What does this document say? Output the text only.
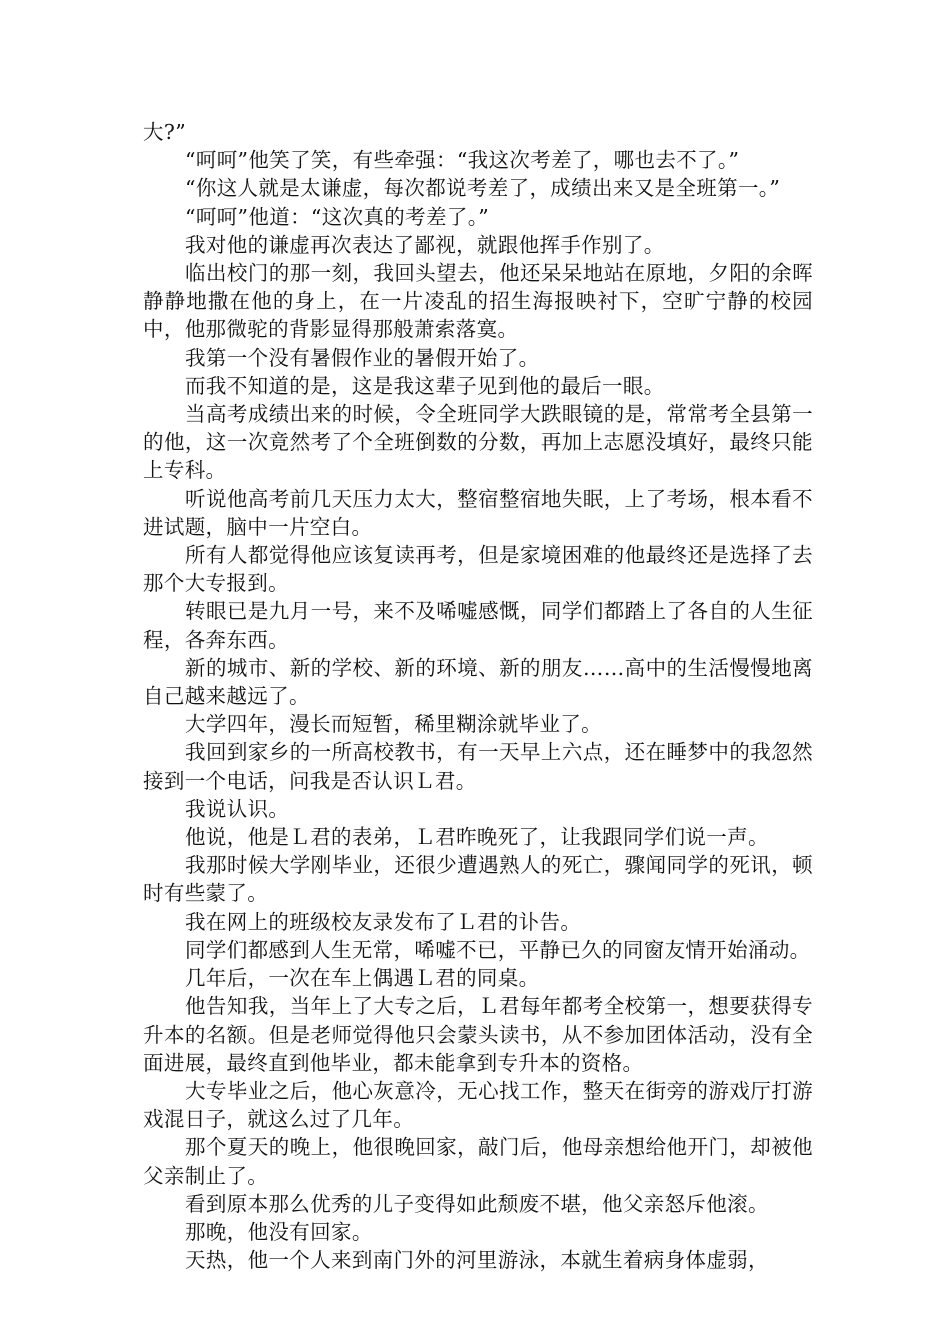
大?”

“呵呵”他笑了笑，有些牵强：“我这次考差了，哪也去不了。”

“你这人就是太谦虚，每次都说考差了，成绩出来又是全班第一。”

“呵呵”他道：“这次真的考差了。”

我对他的谦虚再次表达了鄙视，就跟他挥手作别了。

临出校门的那一刻，我回头望去，他还呆呆地站在原地，夕阳的余晖静静地撒在他的身上，在一片凌乱的招生海报映衬下，空旷宁静的校园中，他那微驼的背影显得那般萧索落寞。

我第一个没有暑假作业的暑假开始了。

而我不知道的是，这是我这辈子见到他的最后一眼。

当高考成绩出来的时候，令全班同学大跌眼镜的是，常常考全县第一的他，这一次竟然考了个全班倒数的分数，再加上志愿没填好，最终只能上专科。

听说他高考前几天压力太大，整宿整宿地失眠，上了考场，根本看不进试题，脑中一片空白。

所有人都觉得他应该复读再考，但是家境困难的他最终还是选择了去那个大专报到。

转眼已是九月一号，来不及唏嘘感慨，同学们都踏上了各自的人生征程，各奔东西。

新的城市、新的学校、新的环境、新的朋友……高中的生活慢慢地离自己越来越远了。

大学四年，漫长而短暂，稀里糊涂就毕业了。

我回到家乡的一所高校教书，有一天早上六点，还在睡梦中的我忽然接到一个电话，问我是否认识Ｌ君。

我说认识。

他说，他是Ｌ君的表弟，Ｌ君昨晚死了，让我跟同学们说一声。

我那时候大学刚毕业，还很少遭遇熟人的死亡，骤闻同学的死讯，顿时有些蒙了。

我在网上的班级校友录发布了Ｌ君的讣告。

同学们都感到人生无常，唏嘘不已，平静已久的同窗友情开始涌动。

几年后，一次在车上偶遇Ｌ君的同桌。

他告知我，当年上了大专之后，Ｌ君每年都考全校第一，想要获得专升本的名额。但是老师觉得他只会蒙头读书，从不参加团体活动，没有全面进展，最终直到他毕业，都未能拿到专升本的资格。

大专毕业之后，他心灰意冷，无心找工作，整天在街旁的游戏厅打游戏混日子，就这么过了几年。

那个夏天的晚上，他很晚回家，敲门后，他母亲想给他开门，却被他父亲制止了。

看到原本那么优秀的儿子变得如此颓废不堪，他父亲怒斥他滚。

那晚，他没有回家。

天热，他一个人来到南门外的河里游泳，本就生着病身体虚弱，
